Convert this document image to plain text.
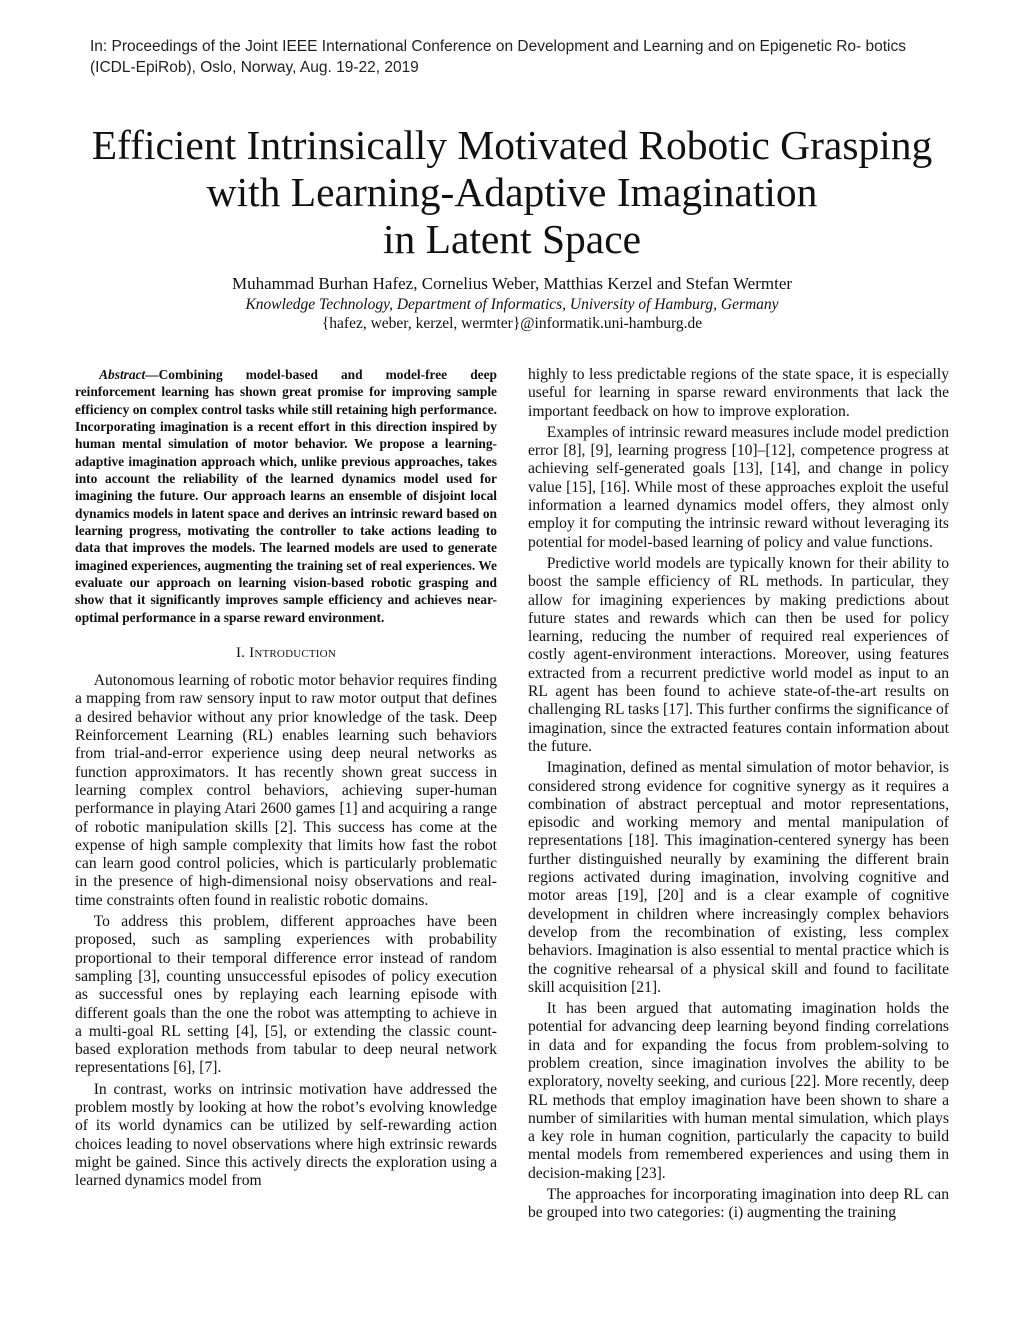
In: Proceedings of the Joint IEEE International Conference on Development and Learning and on Epigenetic Ro- botics (ICDL-EpiRob), Oslo, Norway, Aug. 19-22, 2019
Efficient Intrinsically Motivated Robotic Grasping
with Learning-Adaptive Imagination
in Latent Space
Muhammad Burhan Hafez, Cornelius Weber, Matthias Kerzel and Stefan Wermter
Knowledge Technology, Department of Informatics, University of Hamburg, Germany
{hafez, weber, kerzel, wermter}@informatik.uni-hamburg.de

Abstract—Combining model-based and model-free deep reinforcement learning has shown great promise for improving sample efficiency on complex control tasks while still retaining high performance. Incorporating imagination is a recent effort in this direction inspired by human mental simulation of motor behavior. We propose a learning-adaptive imagination approach which, unlike previous approaches, takes into account the reliability of the learned dynamics model used for imagining the future. Our approach learns an ensemble of disjoint local dynamics models in latent space and derives an intrinsic reward based on learning progress, motivating the controller to take actions leading to data that improves the models. The learned models are used to generate imagined experiences, augmenting the training set of real experiences. We evaluate our approach on learning vision-based robotic grasping and show that it significantly improves sample efficiency and achieves near-optimal performance in a sparse reward environment.

I. Introduction

Autonomous learning of robotic motor behavior requires finding a mapping from raw sensory input to raw motor output that defines a desired behavior without any prior knowledge of the task. Deep Reinforcement Learning (RL) enables learning such behaviors from trial-and-error experience using deep neural networks as function approximators. It has recently shown great success in learning complex control behaviors, achieving super-human performance in playing Atari 2600 games [1] and acquiring a range of robotic manipulation skills [2]. This success has come at the expense of high sample complexity that limits how fast the robot can learn good control policies, which is particularly problematic in the presence of high-dimensional noisy observations and real-time constraints often found in realistic robotic domains.

To address this problem, different approaches have been proposed, such as sampling experiences with probability proportional to their temporal difference error instead of random sampling [3], counting unsuccessful episodes of policy execution as successful ones by replaying each learning episode with different goals than the one the robot was attempting to achieve in a multi-goal RL setting [4], [5], or extending the classic count-based exploration methods from tabular to deep neural network representations [6], [7].

In contrast, works on intrinsic motivation have addressed the problem mostly by looking at how the robot’s evolving knowledge of its world dynamics can be utilized by self-rewarding action choices leading to novel observations where high extrinsic rewards might be gained. Since this actively directs the exploration using a learned dynamics model from

highly to less predictable regions of the state space, it is especially useful for learning in sparse reward environments that lack the important feedback on how to improve exploration.

Examples of intrinsic reward measures include model prediction error [8], [9], learning progress [10]–[12], competence progress at achieving self-generated goals [13], [14], and change in policy value [15], [16]. While most of these approaches exploit the useful information a learned dynamics model offers, they almost only employ it for computing the intrinsic reward without leveraging its potential for model-based learning of policy and value functions.

Predictive world models are typically known for their ability to boost the sample efficiency of RL methods. In particular, they allow for imagining experiences by making predictions about future states and rewards which can then be used for policy learning, reducing the number of required real experiences of costly agent-environment interactions. Moreover, using features extracted from a recurrent predictive world model as input to an RL agent has been found to achieve state-of-the-art results on challenging RL tasks [17]. This further confirms the significance of imagination, since the extracted features contain information about the future.

Imagination, defined as mental simulation of motor behavior, is considered strong evidence for cognitive synergy as it requires a combination of abstract perceptual and motor representations, episodic and working memory and mental manipulation of representations [18]. This imagination-centered synergy has been further distinguished neurally by examining the different brain regions activated during imagination, involving cognitive and motor areas [19], [20] and is a clear example of cognitive development in children where increasingly complex behaviors develop from the recombination of existing, less complex behaviors. Imagination is also essential to mental practice which is the cognitive rehearsal of a physical skill and found to facilitate skill acquisition [21].

It has been argued that automating imagination holds the potential for advancing deep learning beyond finding correlations in data and for expanding the focus from problem-solving to problem creation, since imagination involves the ability to be exploratory, novelty seeking, and curious [22]. More recently, deep RL methods that employ imagination have been shown to share a number of similarities with human mental simulation, which plays a key role in human cognition, particularly the capacity to build mental models from remembered experiences and using them in decision-making [23].

The approaches for incorporating imagination into deep RL can be grouped into two categories: (i) augmenting the training
